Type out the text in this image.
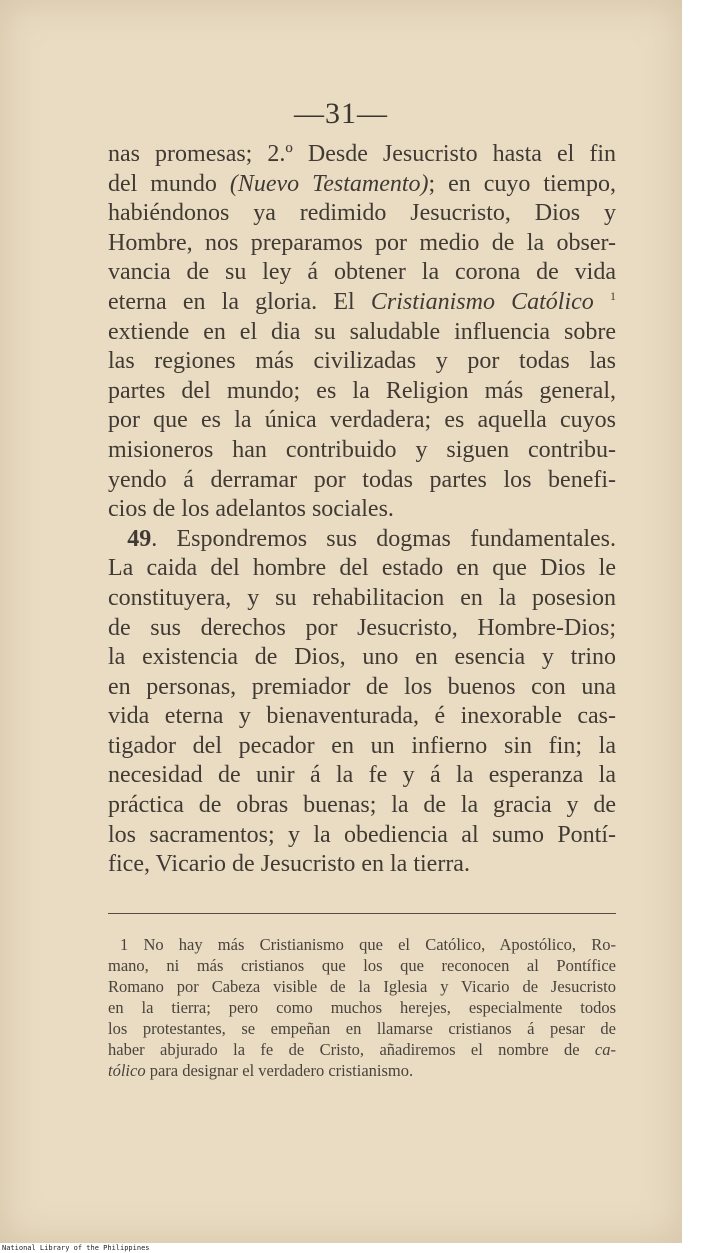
—31—
nas promesas; 2.º Desde Jesucristo hasta el fin
del mundo (Nuevo Testamento); en cuyo tiempo,
habiéndonos ya redimido Jesucristo, Dios y
Hombre, nos preparamos por medio de la obser-
vancia de su ley á obtener la corona de vida
eterna en la gloria. El Cristianismo Católico $^1$
extiende en el dia su saludable influencia sobre
las regiones más civilizadas y por todas las
partes del mundo; es la Religion más general,
por que es la única verdadera; es aquella cuyos
misioneros han contribuido y siguen contribu-
yendo á derramar por todas partes los benefi-
cios de los adelantos sociales.
49. Espondremos sus dogmas fundamentales.
La caida del hombre del estado en que Dios le
constituyera, y su rehabilitacion en la posesion
de sus derechos por Jesucristo, Hombre-Dios;
la existencia de Dios, uno en esencia y trino
en personas, premiador de los buenos con una
vida eterna y bienaventurada, é inexorable cas-
tigador del pecador en un infierno sin fin; la
necesidad de unir á la fe y á la esperanza la
práctica de obras buenas; la de la gracia y de
los sacramentos; y la obediencia al sumo Pontí-
fice, Vicario de Jesucristo en la tierra.
1 No hay más Cristianismo que el Católico, Apostólico, Ro-
mano, ni más cristianos que los que reconocen al Pontífice
Romano por Cabeza visible de la Iglesia y Vicario de Jesucristo
en la tierra; pero como muchos herejes, especialmente todos
los protestantes, se empeñan en llamarse cristianos á pesar de
haber abjurado la fe de Cristo, añadiremos el nombre de ca-
tólico para designar el verdadero cristianismo.
National Library of the Philippines
